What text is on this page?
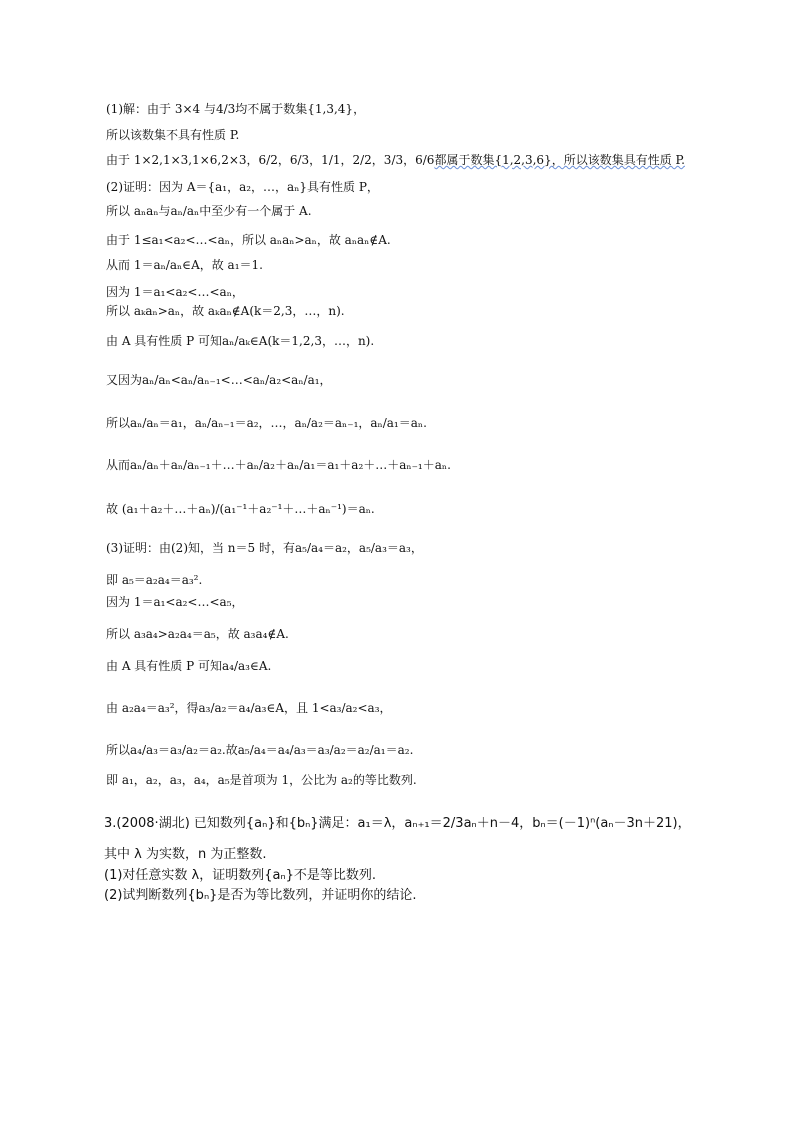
(1)解：由于 3×4 与4/3均不属于数集{1,3,4}，
所以该数集不具有性质 P.
由于 1×2,1×3,1×6,2×3，6/2，6/3，1/1，2/2，3/3，6/6都属于数集{1,2,3,6}，所以该数集具有性质 P.
(2)证明：因为 A＝{a₁，a₂，…，aₙ}具有性质 P，
所以 aₙaₙ与aₙ/aₙ中至少有一个属于 A.
由于 1≤a₁<a₂<…<aₙ，所以 aₙaₙ>aₙ，故 aₙaₙ∉A.
从而 1＝aₙ/aₙ∈A，故 a₁＝1.
因为 1＝a₁<a₂<…<aₙ，
所以 aₖaₙ>aₙ，故 aₖaₙ∉A(k＝2,3，…，n).
由 A 具有性质 P 可知aₙ/aₖ∈A(k＝1,2,3，…，n).
又因为aₙ/aₙ<aₙ/aₙ₋₁<…<aₙ/a₂<aₙ/a₁，
所以aₙ/aₙ＝a₁，aₙ/aₙ₋₁＝a₂，…，aₙ/a₂＝aₙ₋₁，aₙ/a₁＝aₙ.
从而aₙ/aₙ＋aₙ/aₙ₋₁＋…＋aₙ/a₂＋aₙ/a₁＝a₁＋a₂＋…＋aₙ₋₁＋aₙ.
故 (a₁＋a₂＋…＋aₙ)/(a₁⁻¹＋a₂⁻¹＋…＋aₙ⁻¹)＝aₙ.
(3)证明：由(2)知，当 n＝5 时，有a₅/a₄＝a₂，a₅/a₃＝a₃，
即 a₅＝a₂a₄＝a₃².
因为 1＝a₁<a₂<…<a₅，
所以 a₃a₄>a₂a₄＝a₅，故 a₃a₄∉A.
由 A 具有性质 P 可知a₄/a₃∈A.
由 a₂a₄＝a₃²，得a₃/a₂＝a₄/a₃∈A，且 1<a₃/a₂<a₃，
所以a₄/a₃＝a₃/a₂＝a₂.故a₅/a₄＝a₄/a₃＝a₃/a₂＝a₂/a₁＝a₂.
即 a₁，a₂，a₃，a₄，a₅是首项为 1，公比为 a₂的等比数列.
3.(2008·湖北) 已知数列{aₙ}和{bₙ}满足：a₁＝λ，aₙ₊₁＝2/3aₙ＋n－4，bₙ＝(－1)ⁿ(aₙ－3n＋21)，
其中 λ 为实数，n 为正整数.
(1)对任意实数 λ，证明数列{aₙ}不是等比数列.
(2)试判断数列{bₙ}是否为等比数列，并证明你的结论.
